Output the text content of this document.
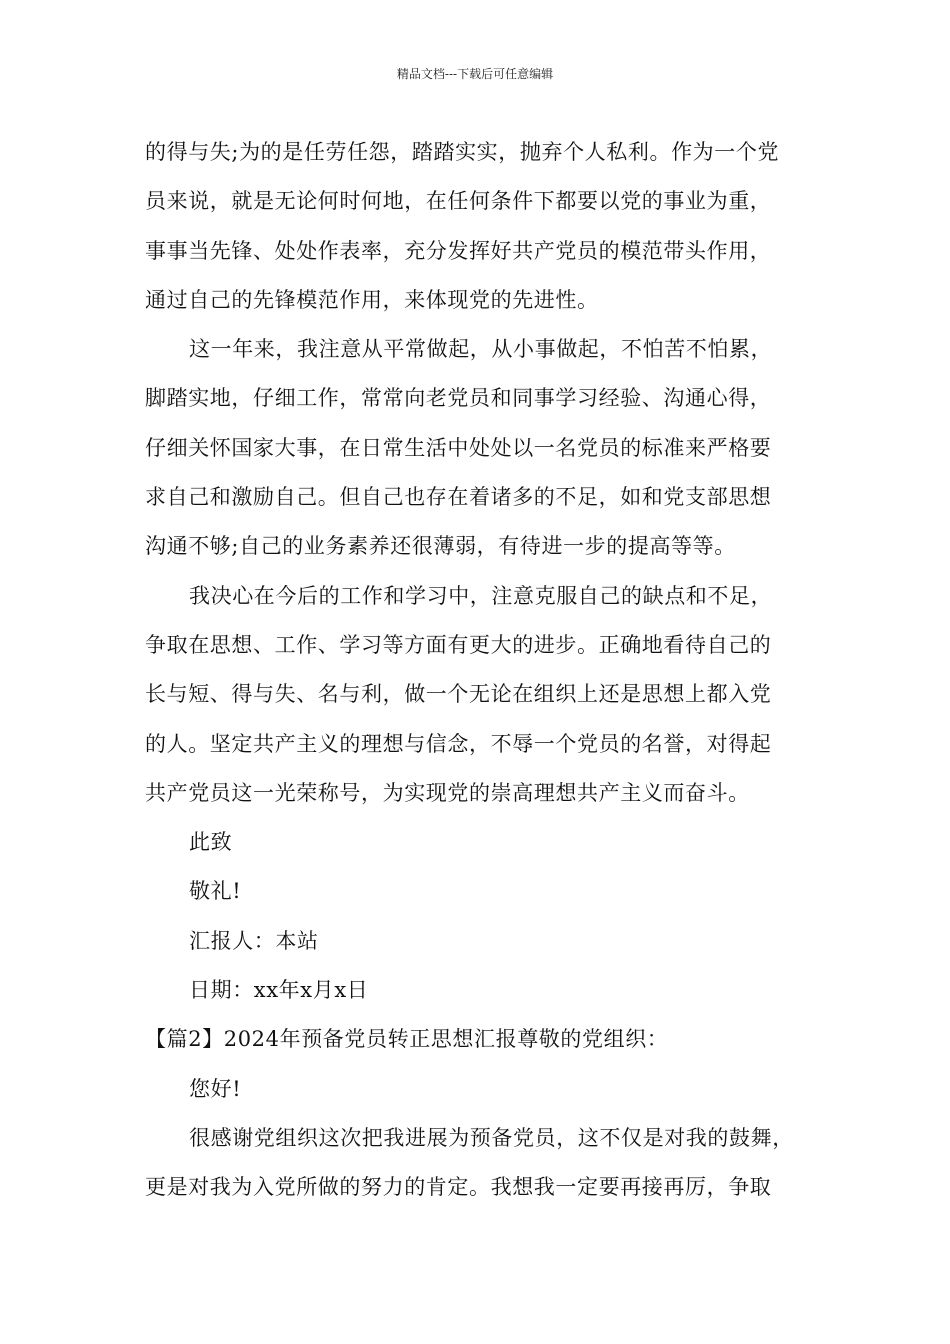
精品文档---下载后可任意编辑
的得与失;为的是任劳任怨，踏踏实实，抛弃个人私利。作为一个党
员来说，就是无论何时何地，在任何条件下都要以党的事业为重，
事事当先锋、处处作表率，充分发挥好共产党员的模范带头作用，
通过自己的先锋模范作用，来体现党的先进性。
这一年来，我注意从平常做起，从小事做起，不怕苦不怕累，
脚踏实地，仔细工作，常常向老党员和同事学习经验、沟通心得，
仔细关怀国家大事，在日常生活中处处以一名党员的标准来严格要
求自己和激励自己。但自己也存在着诸多的不足，如和党支部思想
沟通不够;自己的业务素养还很薄弱，有待进一步的提高等等。
我决心在今后的工作和学习中，注意克服自己的缺点和不足，
争取在思想、工作、学习等方面有更大的进步。正确地看待自己的
长与短、得与失、名与利，做一个无论在组织上还是思想上都入党
的人。坚定共产主义的理想与信念，不辱一个党员的名誉，对得起
共产党员这一光荣称号，为实现党的崇高理想共产主义而奋斗。
此致
敬礼!
汇报人：本站
日期：xx年x月x日
【篇2】2024年预备党员转正思想汇报尊敬的党组织：
您好!
很感谢党组织这次把我进展为预备党员，这不仅是对我的鼓舞，
更是对我为入党所做的努力的肯定。我想我一定要再接再厉，争取
